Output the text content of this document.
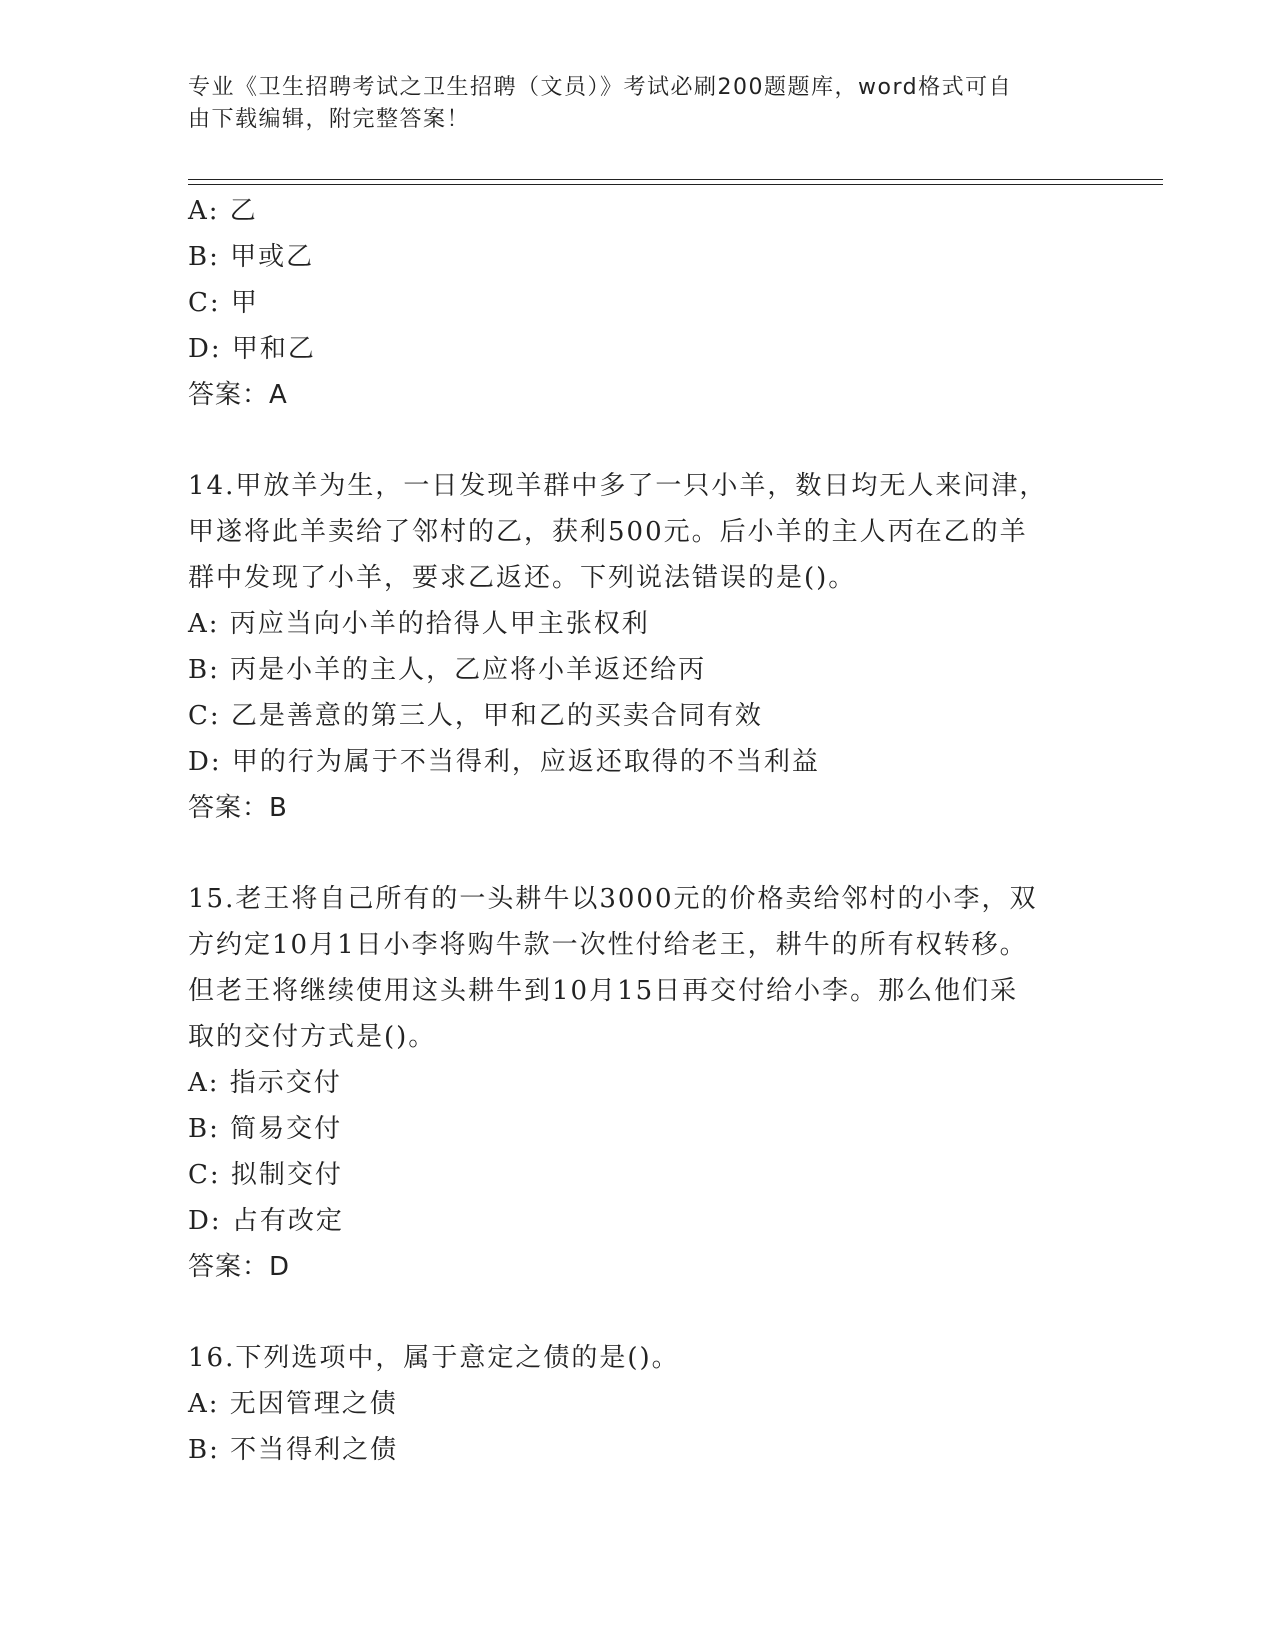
专业《卫生招聘考试之卫生招聘（文员）》考试必刷200题题库，word格式可自
由下载编辑，附完整答案！
A: 乙
B: 甲或乙
C: 甲
D: 甲和乙
答案：A
14.甲放羊为生，一日发现羊群中多了一只小羊，数日均无人来问津，
甲遂将此羊卖给了邻村的乙，获利500元。后小羊的主人丙在乙的羊
群中发现了小羊，要求乙返还。下列说法错误的是()。
A: 丙应当向小羊的拾得人甲主张权利
B: 丙是小羊的主人，乙应将小羊返还给丙
C: 乙是善意的第三人，甲和乙的买卖合同有效
D: 甲的行为属于不当得利，应返还取得的不当利益
答案：B
15.老王将自己所有的一头耕牛以3000元的价格卖给邻村的小李，双
方约定10月1日小李将购牛款一次性付给老王，耕牛的所有权转移。
但老王将继续使用这头耕牛到10月15日再交付给小李。那么他们采
取的交付方式是()。
A: 指示交付
B: 简易交付
C: 拟制交付
D: 占有改定
答案：D
16.下列选项中，属于意定之债的是()。
A: 无因管理之债
B: 不当得利之债
